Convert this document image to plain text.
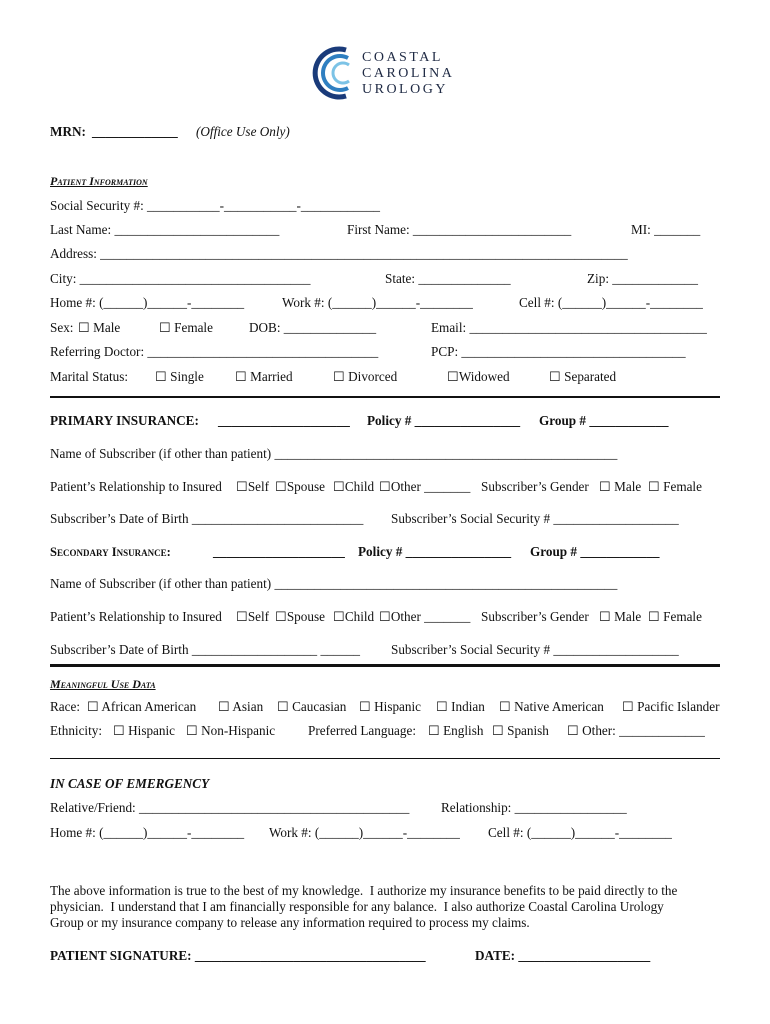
COASTAL
CAROLINA
UROLOGY
MRN: _____________ (Office Use Only)
Patient Information
Social Security #: ___________-___________-____________
Last Name: _________________________	First Name: ________________________	MI: _______
Address: ________________________________________________________________________________
City: ___________________________________	State: ______________	Zip: _____________
Home #: (______)______-________	Work #: (______)______-________	Cell #: (______)______-________
Sex: ☐ Male	☐ Female	DOB: ______________	Email: ____________________________________
Referring Doctor: ___________________________________	PCP: __________________________________
Marital Status: ☐ Single ☐ Married	☐ Divorced	☐Widowed	☐ Separated
PRIMARY INSURANCE: ____________________ Policy # ________________ Group # ____________
Name of Subscriber (if other than patient) ____________________________________________________
Patient’s Relationship to Insured ☐Self ☐Spouse ☐Child ☐Other _______ Subscriber’s Gender ☐ Male ☐ Female
Subscriber’s Date of Birth __________________________ Subscriber’s Social Security # ___________________
Secondary Insurance:	____________________ Policy # ________________ Group # ____________
Name of Subscriber (if other than patient) ____________________________________________________
Patient’s Relationship to Insured ☐Self ☐Spouse ☐Child ☐Other _______ Subscriber’s Gender ☐ Male ☐ Female
Subscriber’s Date of Birth ___________________ ______ Subscriber’s Social Security # ___________________
Meaningful Use Data
Race: ☐ African American ☐ Asian ☐ Caucasian ☐ Hispanic ☐ Indian ☐ Native American ☐ Pacific Islander
Ethnicity: ☐ Hispanic ☐ Non-Hispanic Preferred Language: ☐ English ☐ Spanish ☐ Other: _____________
IN CASE OF EMERGENCY
Relative/Friend: _________________________________________ Relationship: _________________
Home #: (______)______-________ Work #: (______)______-________ Cell #: (______)______-________
The above information is true to the best of my knowledge.  I authorize my insurance benefits to be paid directly to the
physician.  I understand that I am financially responsible for any balance.  I also authorize Coastal Carolina Urology
Group or my insurance company to release any information required to process my claims.
PATIENT SIGNATURE: ___________________________________	DATE: ____________________
